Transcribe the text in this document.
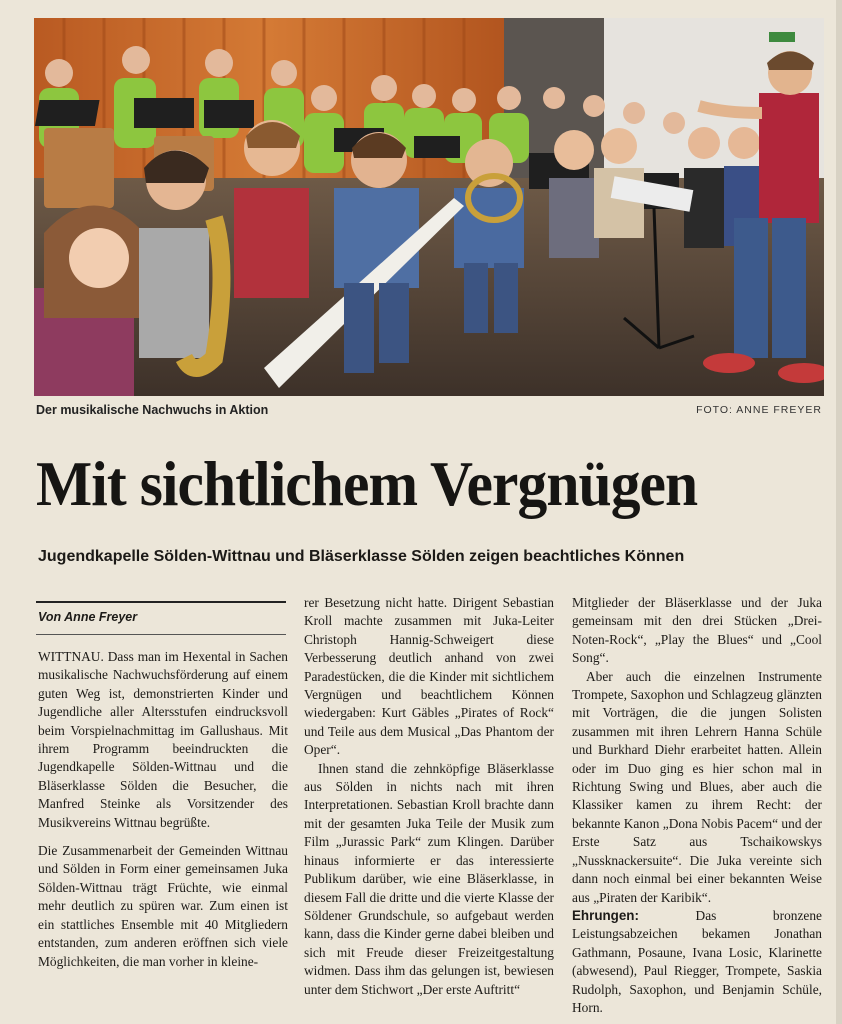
Der musikalische Nachwuchs in Aktion	FOTO: ANNE FREYER
Mit sichtlichem Vergnügen
Jugendkapelle Sölden-Wittnau und Bläserklasse Sölden zeigen beachtliches Können
Von Anne Freyer

WITTNAU. Dass man im Hexental in Sachen musikalische Nachwuchsförderung auf einem guten Weg ist, demonstrierten Kinder und Jugendliche aller Altersstufen eindrucksvoll beim Vorspielnachmittag im Gallushaus. Mit ihrem Programm beeindruckten die Jugendkapelle Sölden-Wittnau und die Bläserklasse Sölden die Besucher, die Manfred Steinke als Vorsitzender des Musikvereins Wittnau begrüßte.

Die Zusammenarbeit der Gemeinden Wittnau und Sölden in Form einer gemeinsamen Juka Sölden-Wittnau trägt Früchte, wie einmal mehr deutlich zu spüren war. Zum einen ist ein stattliches Ensemble mit 40 Mitgliedern entstanden, zum anderen eröffnen sich viele Möglichkeiten, die man vorher in kleine-

rer Besetzung nicht hatte. Dirigent Sebastian Kroll machte zusammen mit Juka-Leiter Christoph Hannig-Schweigert diese Verbesserung deutlich anhand von zwei Paradestücken, die die Kinder mit sichtlichem Vergnügen und beachtlichem Können wiedergaben: Kurt Gäbles „Pirates of Rock“ und Teile aus dem Musical „Das Phantom der Oper“.

Ihnen stand die zehnköpfige Bläserklasse aus Sölden in nichts nach mit ihren Interpretationen. Sebastian Kroll brachte dann mit der gesamten Juka Teile der Musik zum Film „Jurassic Park“ zum Klingen. Darüber hinaus informierte er das interessierte Publikum darüber, wie eine Bläserklasse, in diesem Fall die dritte und die vierte Klasse der Söldener Grundschule, so aufgebaut werden kann, dass die Kinder gerne dabei bleiben und sich mit Freude dieser Freizeitgestaltung widmen. Dass ihm das gelungen ist, bewiesen unter dem Stichwort „Der erste Auftritt“

Mitglieder der Bläserklasse und der Juka gemeinsam mit den drei Stücken „Drei-Noten-Rock“, „Play the Blues“ und „Cool Song“.

Aber auch die einzelnen Instrumente Trompete, Saxophon und Schlagzeug glänzten mit Vorträgen, die die jungen Solisten zusammen mit ihren Lehrern Hanna Schüle und Burkhard Diehr erarbeitet hatten. Allein oder im Duo ging es hier schon mal in Richtung Swing und Blues, aber auch die Klassiker kamen zu ihrem Recht: der bekannte Kanon „Dona Nobis Pacem“ und der Erste Satz aus Tschaikowskys „Nussknackersuite“. Die Juka vereinte sich dann noch einmal bei einer bekannten Weise aus „Piraten der Karibik“.

Ehrungen:	Das bronzene Leistungsabzeichen bekamen Jonathan Gathmann, Posaune, Ivana Losic, Klarinette (abwesend), Paul Riegger, Trompete, Saskia Rudolph, Saxophon, und Benjamin Schüle, Horn.
